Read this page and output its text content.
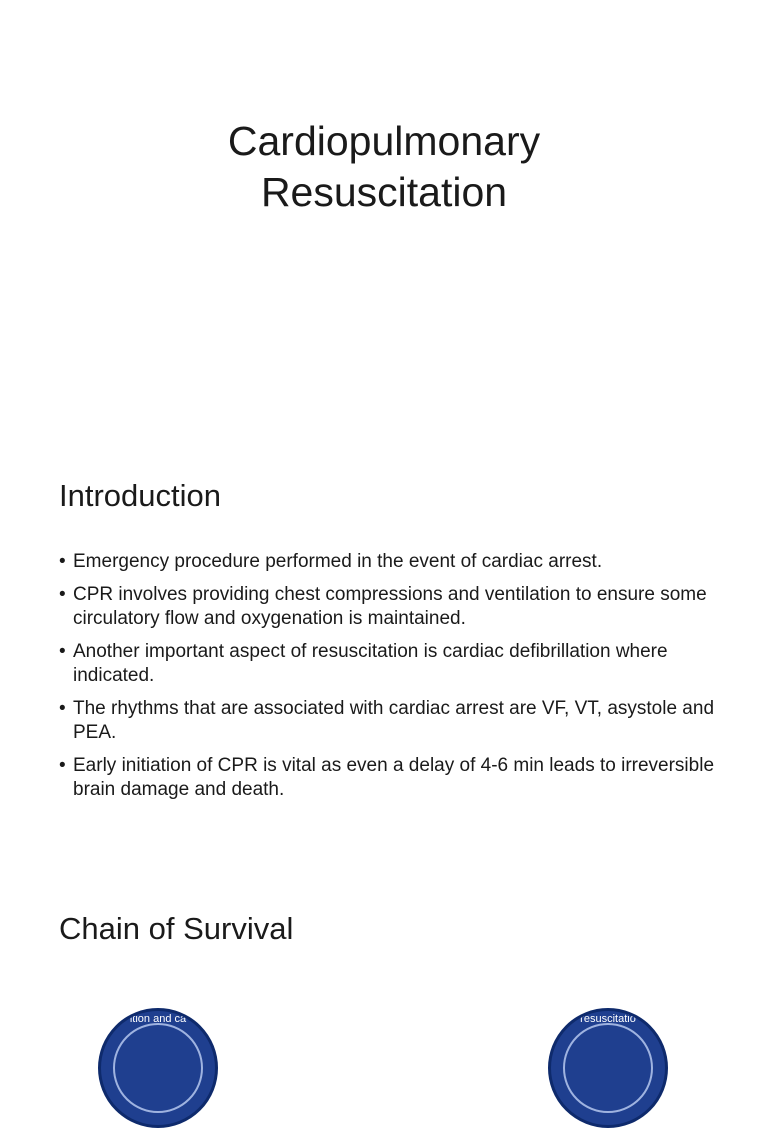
Cardiopulmonary
Resuscitation
Introduction
• Emergency procedure performed in the event of cardiac arrest.
• CPR involves providing chest compressions and ventilation to ensure some circulatory flow and oxygenation is maintained.
• Another important aspect of resuscitation is cardiac defibrillation where indicated.
• The rhythms that are associated with cardiac arrest are VF, VT, asystole and PEA.
• Early initiation of CPR is vital as even a delay of 4-6 min leads to irreversible brain damage and death.
Chain of Survival
ition and ca	resuscitatio
